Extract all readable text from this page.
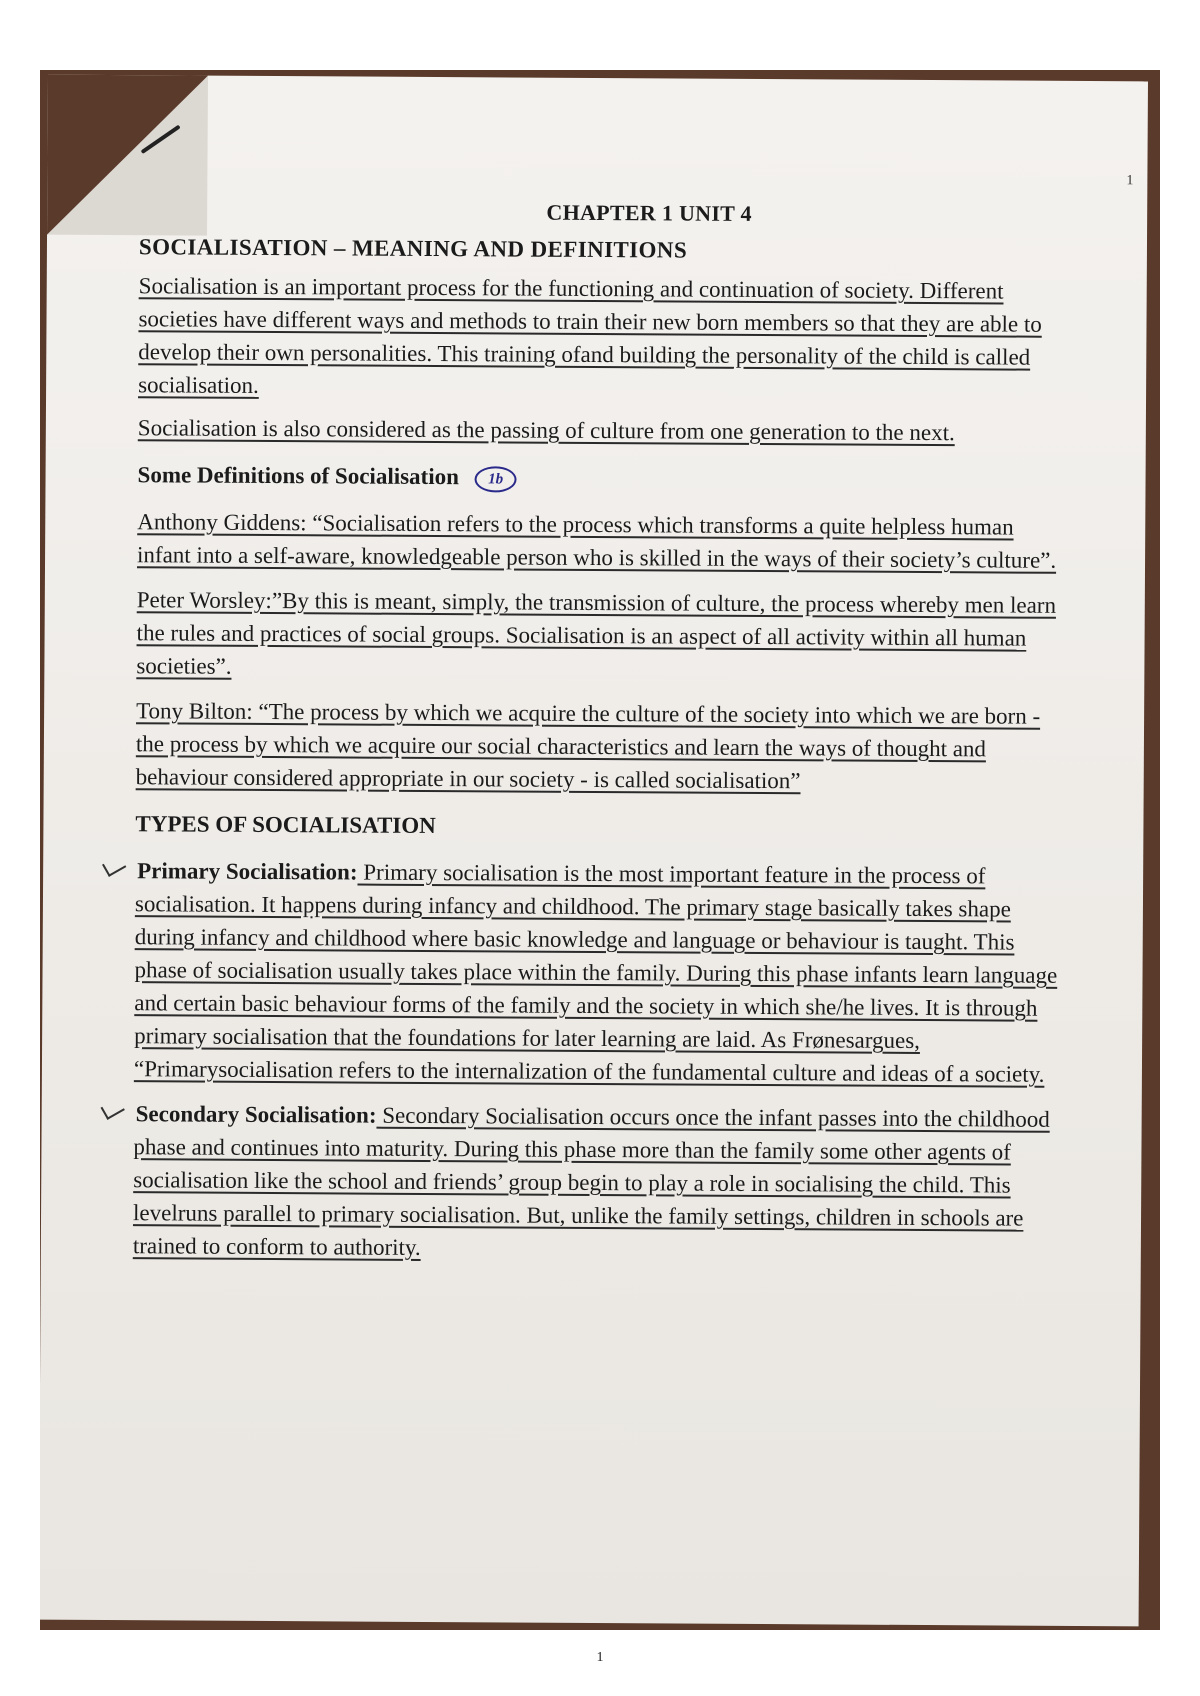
1
CHAPTER 1 UNIT 4
SOCIALISATION – MEANING AND DEFINITIONS

Socialisation is an important process for the functioning and continuation of society. Different societies have different ways and methods to train their new born members so that they are able to develop their own personalities. This training ofand building the personality of the child is called socialisation.

Socialisation is also considered as the passing of culture from one generation to the next.

Some Definitions of Socialisation 1b

Anthony Giddens: “Socialisation refers to the process which transforms a quite helpless human infant into a self-aware, knowledgeable person who is skilled in the ways of their society’s culture”.

Peter Worsley:”By this is meant, simply, the transmission of culture, the process whereby men learn the rules and practices of social groups. Socialisation is an aspect of all activity within all human societies”.

Tony Bilton: “The process by which we acquire the culture of the society into which we are born - the process by which we acquire our social characteristics and learn the ways of thought and behaviour considered appropriate in our society - is called socialisation”

TYPES OF SOCIALISATION

Primary Socialisation: Primary socialisation is the most important feature in the process of socialisation. It happens during infancy and childhood. The primary stage basically takes shape during infancy and childhood where basic knowledge and language or behaviour is taught. This phase of socialisation usually takes place within the family. During this phase infants learn language and certain basic behaviour forms of the family and the society in which she/he lives. It is through primary socialisation that the foundations for later learning are laid. As Frønesargues, “Primarysocialisation refers to the internalization of the fundamental culture and ideas of a society.

Secondary Socialisation: Secondary Socialisation occurs once the infant passes into the childhood phase and continues into maturity. During this phase more than the family some other agents of socialisation like the school and friends’ group begin to play a role in socialising the child. This levelruns parallel to primary socialisation. But, unlike the family settings, children in schools are trained to conform to authority.

1
